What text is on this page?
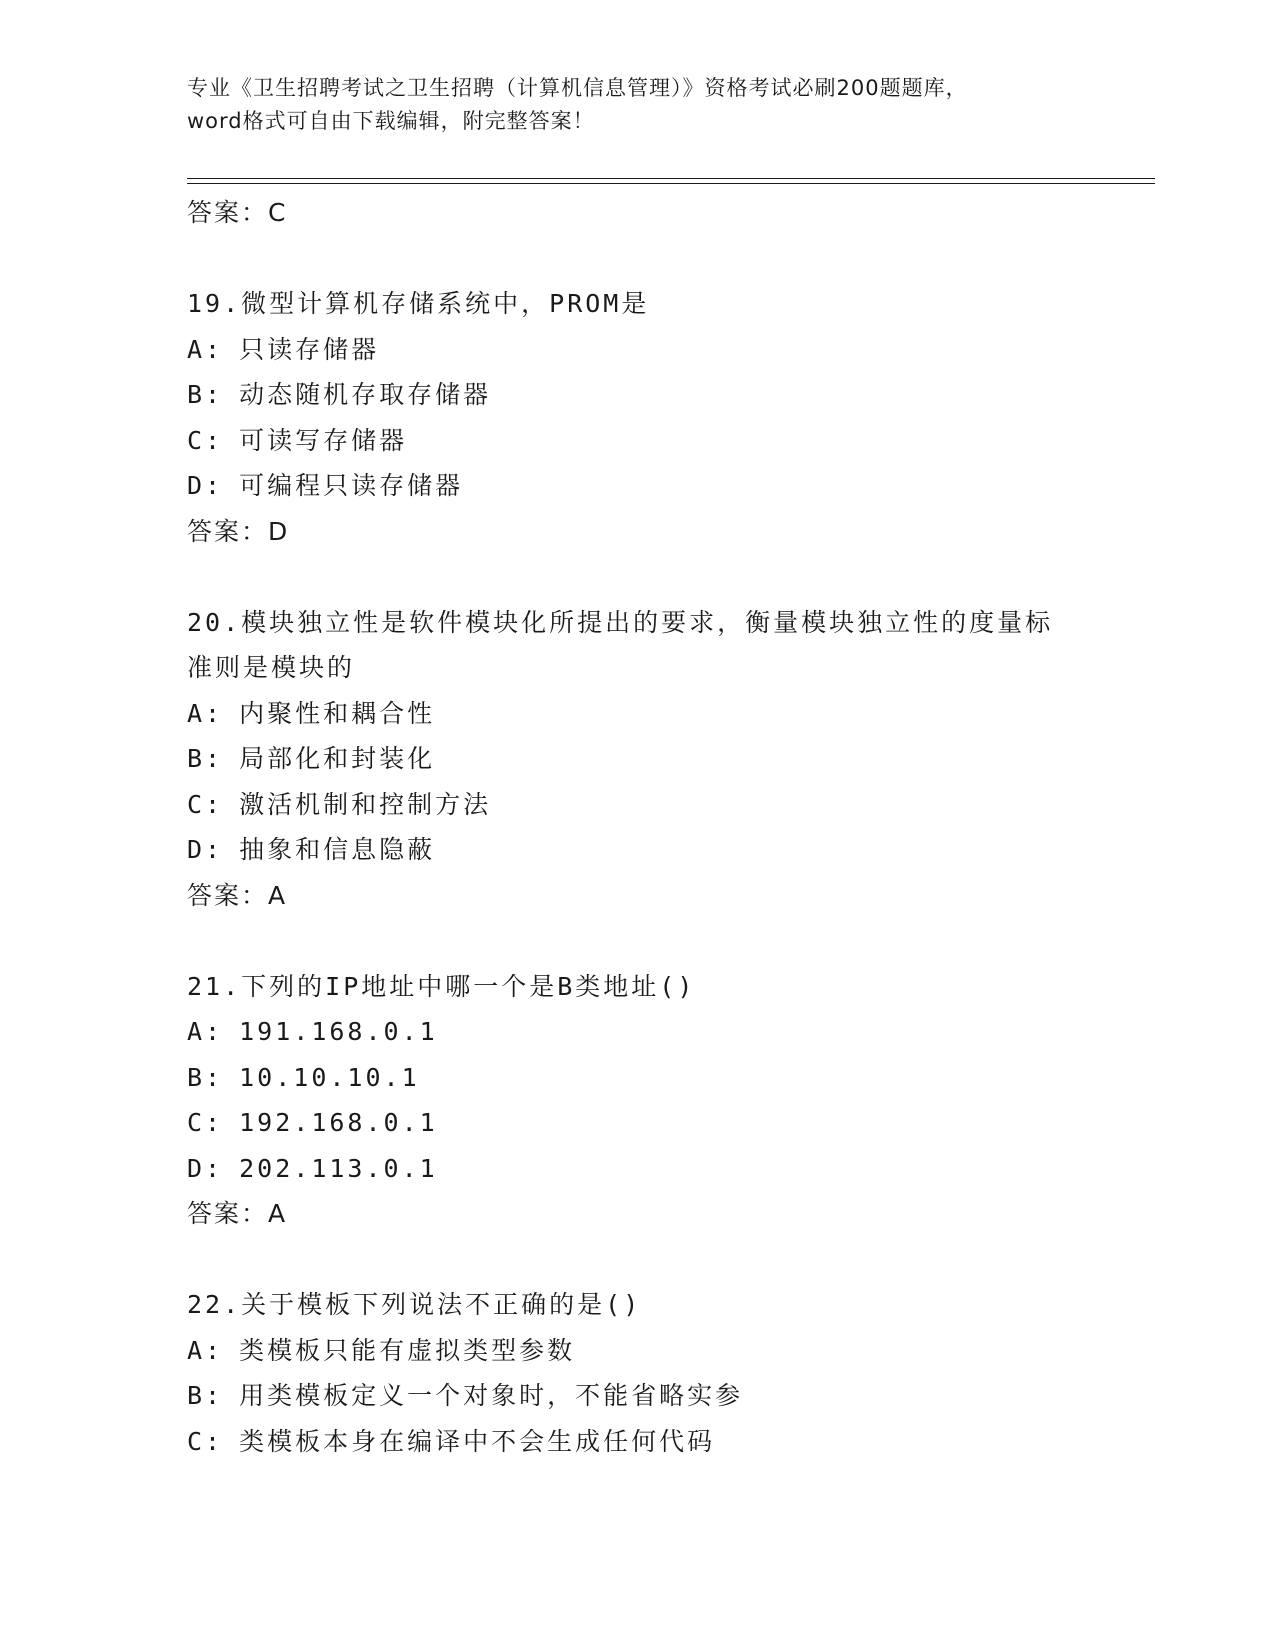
专业《卫生招聘考试之卫生招聘（计算机信息管理）》资格考试必刷200题题库，
word格式可自由下载编辑，附完整答案！

答案：C

19.微型计算机存储系统中，PROM是

A: 只读存储器

B: 动态随机存取存储器

C: 可读写存储器

D: 可编程只读存储器

答案：D

20.模块独立性是软件模块化所提出的要求，衡量模块独立性的度量标

准则是模块的

A: 内聚性和耦合性

B: 局部化和封装化

C: 激活机制和控制方法

D: 抽象和信息隐蔽

答案：A

21.下列的IP地址中哪一个是B类地址()

A: 191.168.0.1

B: 10.10.10.1

C: 192.168.0.1

D: 202.113.0.1

答案：A

22.关于模板下列说法不正确的是()

A: 类模板只能有虚拟类型参数

B: 用类模板定义一个对象时，不能省略实参

C: 类模板本身在编译中不会生成任何代码
